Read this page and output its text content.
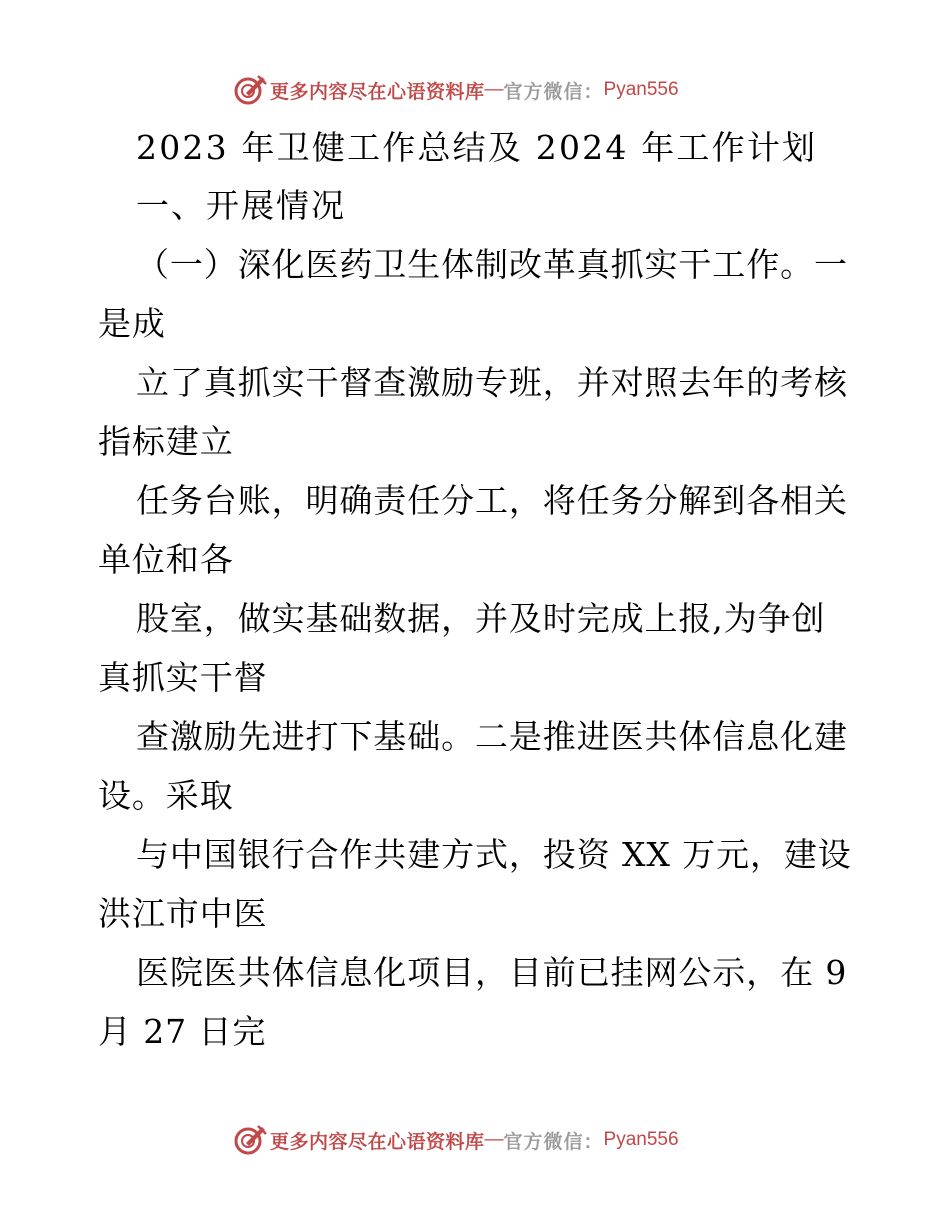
更多内容尽在心语资料库 — 官方微信： Pyan556
2023 年卫健工作总结及 2024 年工作计划
一、开展情况
（一）深化医药卫生体制改革真抓实干工作。一
是成
立了真抓实干督查激励专班，并对照去年的考核
指标建立
任务台账，明确责任分工，将任务分解到各相关
单位和各
股室，做实基础数据，并及时完成上报,为争创
真抓实干督
查激励先进打下基础。二是推进医共体信息化建
设。采取
与中国银行合作共建方式，投资 XX 万元，建设
洪江市中医
医院医共体信息化项目，目前已挂网公示，在 9
月 27 日完
更多内容尽在心语资料库 — 官方微信： Pyan556
